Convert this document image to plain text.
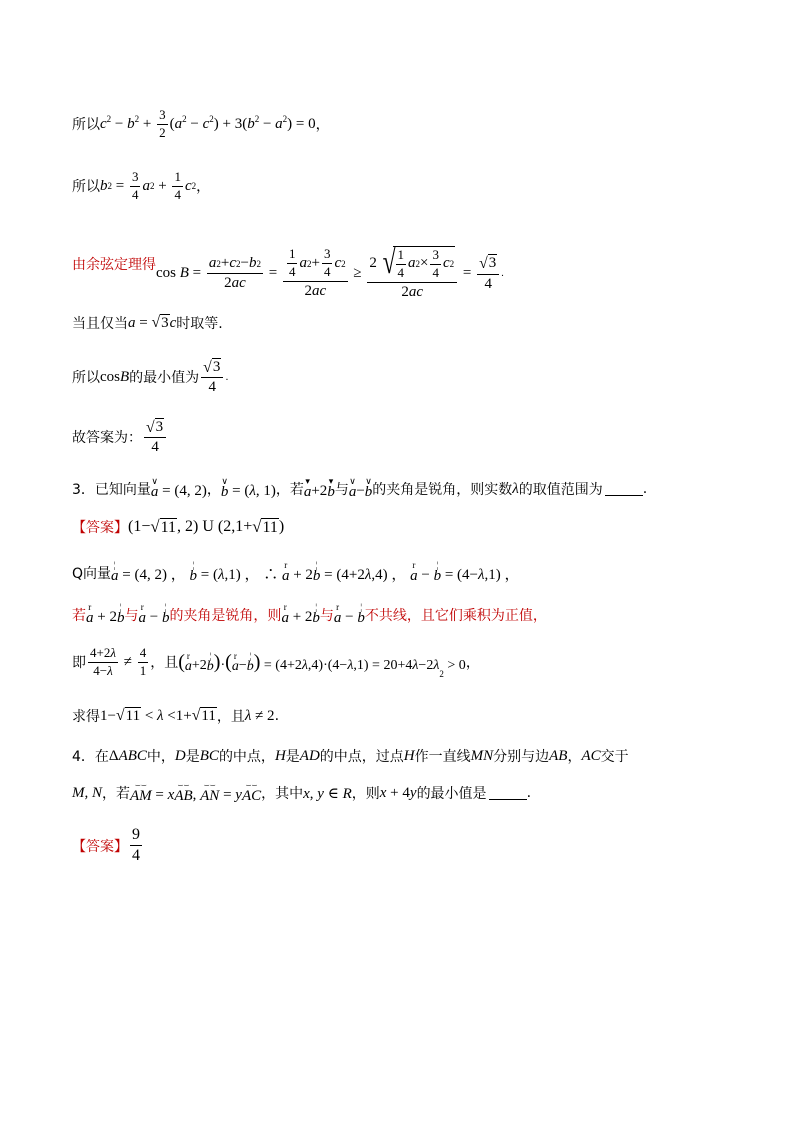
所以 $c^2 - b^2 + \frac{3}{2} (a^2 - c^2) + 3(b^2 - a^2) = 0$ ，
所以 b $2 = \frac{3}{4}$ a $2 + \frac{1}{4}$ c 2 ，
由余弦定理得
cos
$B = \frac{a 2 + c 2 - b 2}{2 ac} = \frac{\frac{1}{4} a 2 + \frac{3}{4} c 2}{2 ac} \ge \frac{2 √ \frac{1}{4} a 2 \times \frac{3}{4} c 2}{2 ac} = \frac{√ 3}{4}$ .
当且仅当 a = √ 3 c 时取等.
所以 cosB 的最小值为 $\frac{√ 3}{4}$ .
故答案为： $\frac{√ 3}{4}$
3． 已知向量
∨
a = (4, 2) ，
∨
b = ( λ , 1) ，若
▾
a +2
▾
b 与
∨
a −
∨
b 的夹角是锐角，则实数 λ 的取值范围为	.
【答案】 (1− √ 11 , 2) U (2,1+ √ 11 )
Q向量
¦
a = (4, 2) ，
¦
b = ( λ ,1) ， ∴
r
a + 2
¦
b = (4+2 λ ,4) ，
r
a −
¦
b = (4− λ ,1) ，
若
r
a + 2
¦
b 与
r
a −
¦
b 的夹角是锐角，则
r
a + 2
¦
b 与
r
a −
¦
b 不共线，且它们乘积为正值，
即 $\frac{4+2 \lambda}{4- \lambda} \ne \frac{4}{1}$ ，且 ( r
a +2
¦
b ) · ( r
a −
¦
b ) = (4+2 λ ,4)·(4− λ ,1) = 20+4 λ −2 λ
2
> 0 ，
求得 1− √ 11 < λ <1+ √ 11 ，且 λ ≠ 2 .
4． 在 ΔABC 中， D 是 BC 的中点， H 是 AD 的中点，过点 H 作一直线 MN 分别与边 AB ， AC 交于
M, N ，若
⌣⌣
AM = x
⌣⌣
AB ,
⌣⌣
AN = y
⌣⌣
AC ，其中 x, y ∈ R ，则 x + 4y 的最小值是	.
【答案】 $\frac{9}{4}$
